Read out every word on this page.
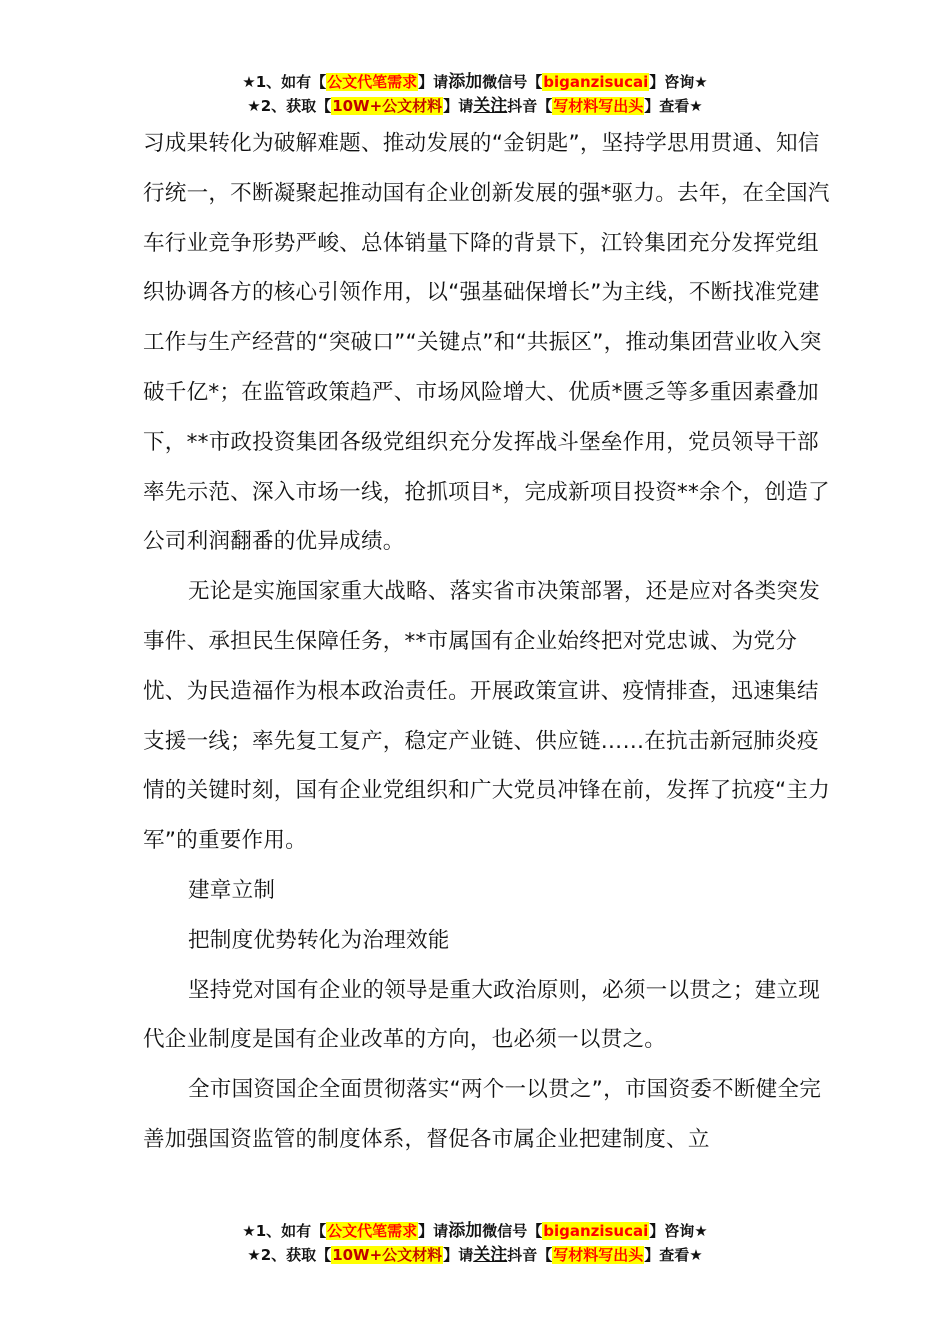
★1、如有【公文代笔需求】请添加微信号【biganzisucai】咨询★
★2、获取【10W+公文材料】请关注抖音【写材料写出头】查看★

习成果转化为破解难题、推动发展的“金钥匙”，坚持学思用贯通、知信行统一，不断凝聚起推动国有企业创新发展的强*驱力。去年，在全国汽车行业竞争形势严峻、总体销量下降的背景下，江铃集团充分发挥党组织协调各方的核心引领作用，以“强基础保增长”为主线，不断找准党建工作与生产经营的“突破口”“关键点”和“共振区”，推动集团营业收入突破千亿*；在监管政策趋严、市场风险增大、优质*匮乏等多重因素叠加下，**市政投资集团各级党组织充分发挥战斗堡垒作用，党员领导干部率先示范、深入市场一线，抢抓项目*，完成新项目投资**余个，创造了公司利润翻番的优异成绩。

无论是实施国家重大战略、落实省市决策部署，还是应对各类突发事件、承担民生保障任务，**市属国有企业始终把对党忠诚、为党分忧、为民造福作为根本政治责任。开展政策宣讲、疫情排查，迅速集结支援一线；率先复工复产，稳定产业链、供应链……在抗击新冠肺炎疫情的关键时刻，国有企业党组织和广大党员冲锋在前，发挥了抗疫“主力军”的重要作用。

建章立制

把制度优势转化为治理效能

坚持党对国有企业的领导是重大政治原则，必须一以贯之；建立现代企业制度是国有企业改革的方向，也必须一以贯之。

全市国资国企全面贯彻落实“两个一以贯之”，市国资委不断健全完善加强国资监管的制度体系，督促各市属企业把建制度、立

★1、如有【公文代笔需求】请添加微信号【biganzisucai】咨询★
★2、获取【10W+公文材料】请关注抖音【写材料写出头】查看★
